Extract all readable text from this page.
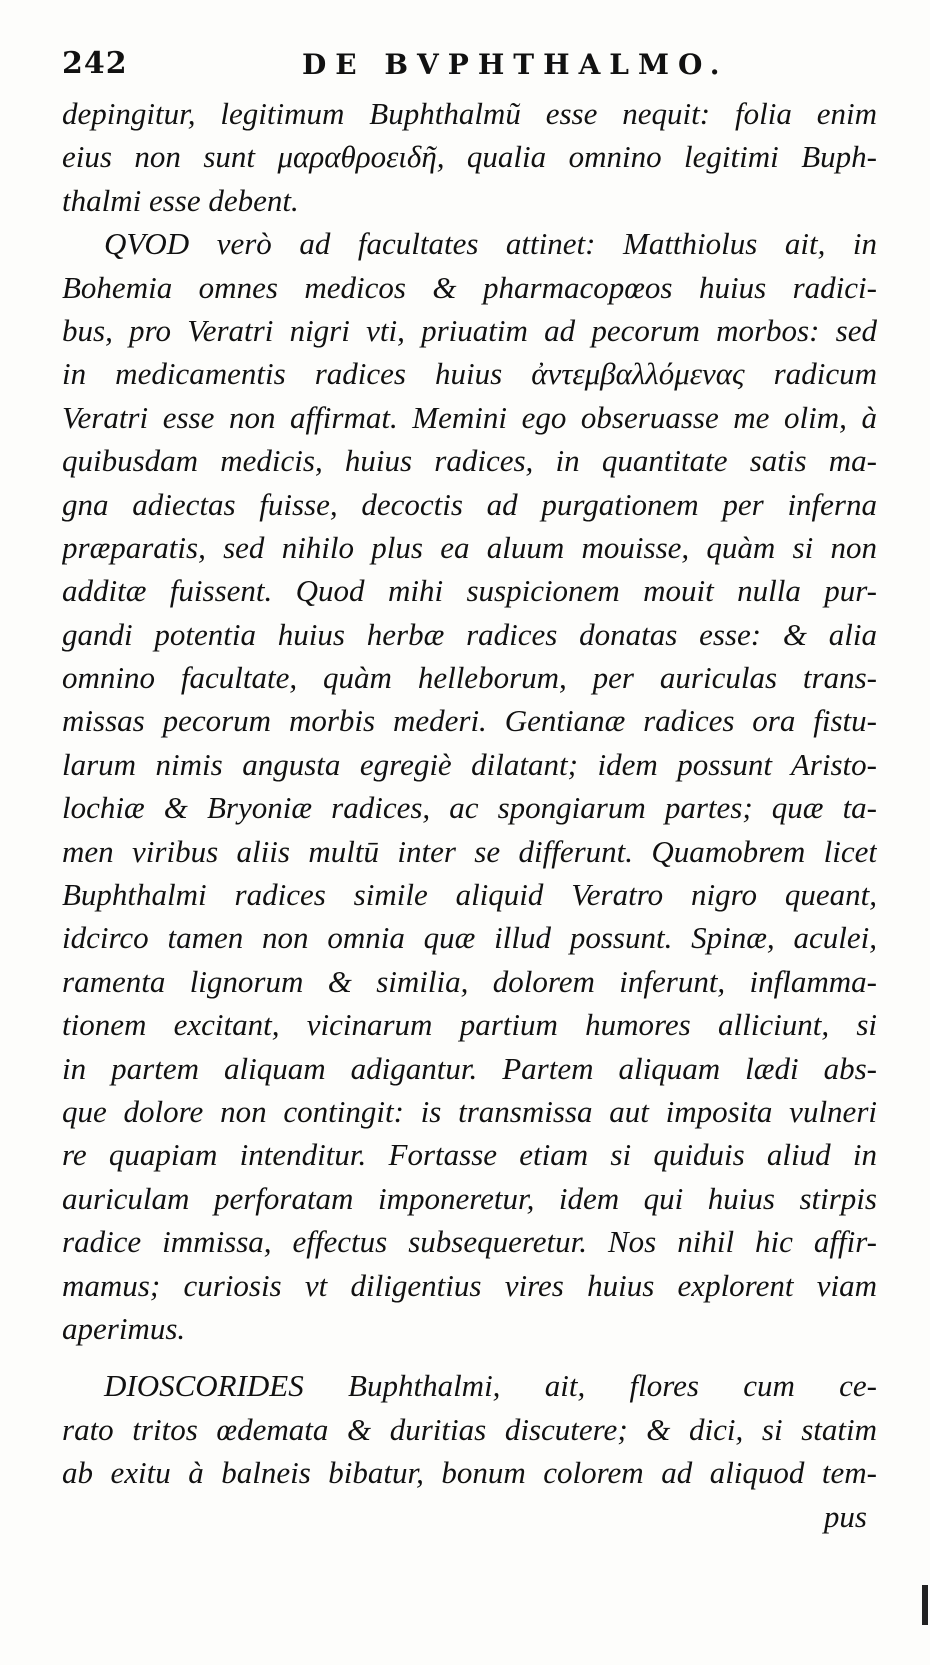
242	DE BVPHTHALMO.
depingitur, legitimum Buphthalmũ esse nequit: folia enim
eius non sunt μαραθροειδῆ, qualia omnino legitimi Buph-
thalmi esse debent.
QVOD verò ad facultates attinet: Matthiolus ait, in
Bohemia omnes medicos & pharmacopœos huius radici-
bus, pro Veratri nigri vti, priuatim ad pecorum morbos: sed
in medicamentis radices huius ἀντεμβαλλόμενας radicum
Veratri esse non affirmat. Memini ego obseruasse me olim, à
quibusdam medicis, huius radices, in quantitate satis ma-
gna adiectas fuisse, decoctis ad purgationem per inferna
præparatis, sed nihilo plus ea aluum mouisse, quàm si non
additæ fuissent. Quod mihi suspicionem mouit nulla pur-
gandi potentia huius herbæ radices donatas esse: & alia
omnino facultate, quàm helleborum, per auriculas trans-
missas pecorum morbis mederi. Gentianæ radices ora fistu-
larum nimis angusta egregiè dilatant; idem possunt Aristo-
lochiæ & Bryoniæ radices, ac spongiarum partes; quæ ta-
men viribus aliis multū inter se differunt. Quamobrem licet
Buphthalmi radices simile aliquid Veratro nigro queant,
idcirco tamen non omnia quæ illud possunt. Spinæ, aculei,
ramenta lignorum & similia, dolorem inferunt, inflamma-
tionem excitant, vicinarum partium humores alliciunt, si
in partem aliquam adigantur. Partem aliquam lædi abs-
que dolore non contingit: is transmissa aut imposita vulneri
re quapiam intenditur. Fortasse etiam si quiduis aliud in
auriculam perforatam imponeretur, idem qui huius stirpis
radice immissa, effectus subsequeretur. Nos nihil hic affir-
mamus; curiosis vt diligentius vires huius explorent viam
aperimus.
DIOSCORIDES Buphthalmi, ait, flores cum ce-
rato tritos œdemata & duritias discutere; & dici, si statim
ab exitu à balneis bibatur, bonum colorem ad aliquod tem-
pus
